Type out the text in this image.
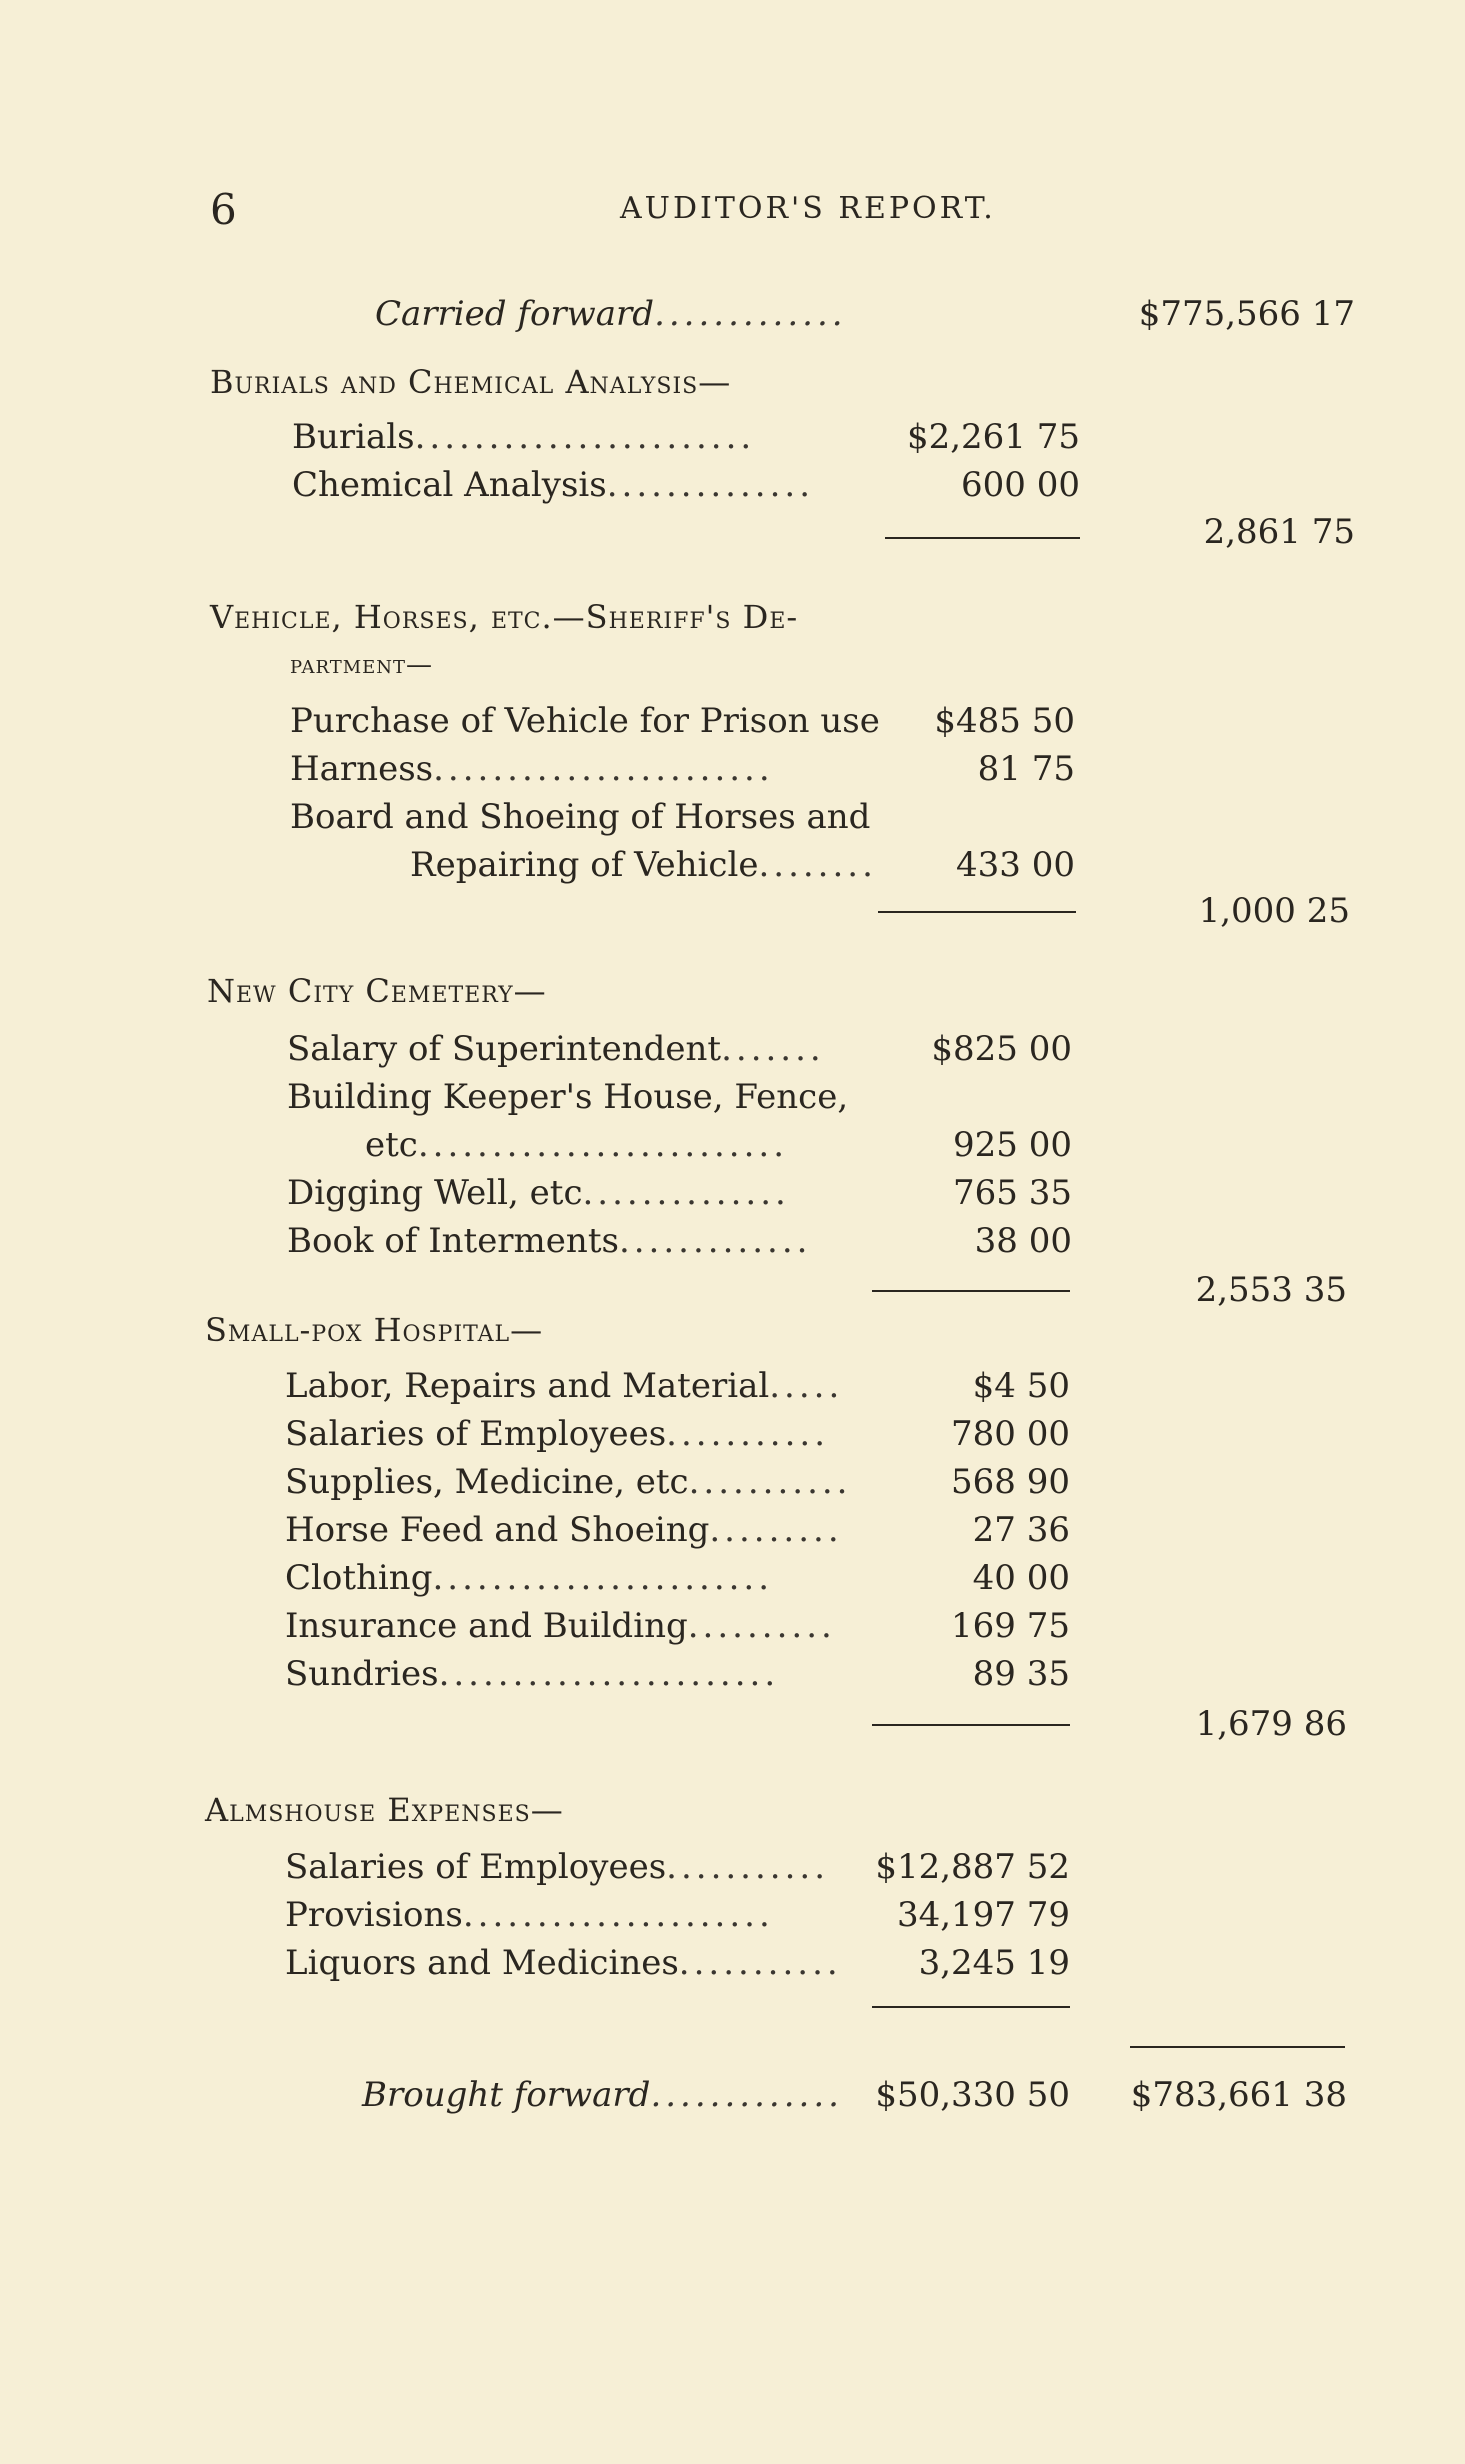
6	AUDITOR'S REPORT.
Carried forward.............	$775,566 17
Burials and Chemical Analysis—
Burials.......................	$2,261 75
Chemical Analysis..............	600 00
2,861 75
Vehicle, Horses, etc.—Sheriff's De-
partment—
Purchase of Vehicle for Prison use $485 50
Harness.......................	81 75
Board and Shoeing of Horses and
Repairing of Vehicle........ 433 00
1,000 25
New City Cemetery—
Salary of Superintendent.......	$825 00
Building Keeper's House, Fence,
etc.........................	925 00
Digging Well, etc..............	765 35
Book of Interments.............	38 00
2,553 35
Small-pox Hospital—
Labor, Repairs and Material.....	$4 50
Salaries of Employees...........	780 00
Supplies, Medicine, etc...........	568 90
Horse Feed and Shoeing.........	27 36
Clothing.......................	40 00
Insurance and Building..........	169 75
Sundries.......................	89 35
1,679 86
Almshouse Expenses—
Salaries of Employees........... $12,887 52
Provisions.....................	34,197 79
Liquors and Medicines........... 3,245 19
Brought forward............. $50,330 50 $783,661 38
